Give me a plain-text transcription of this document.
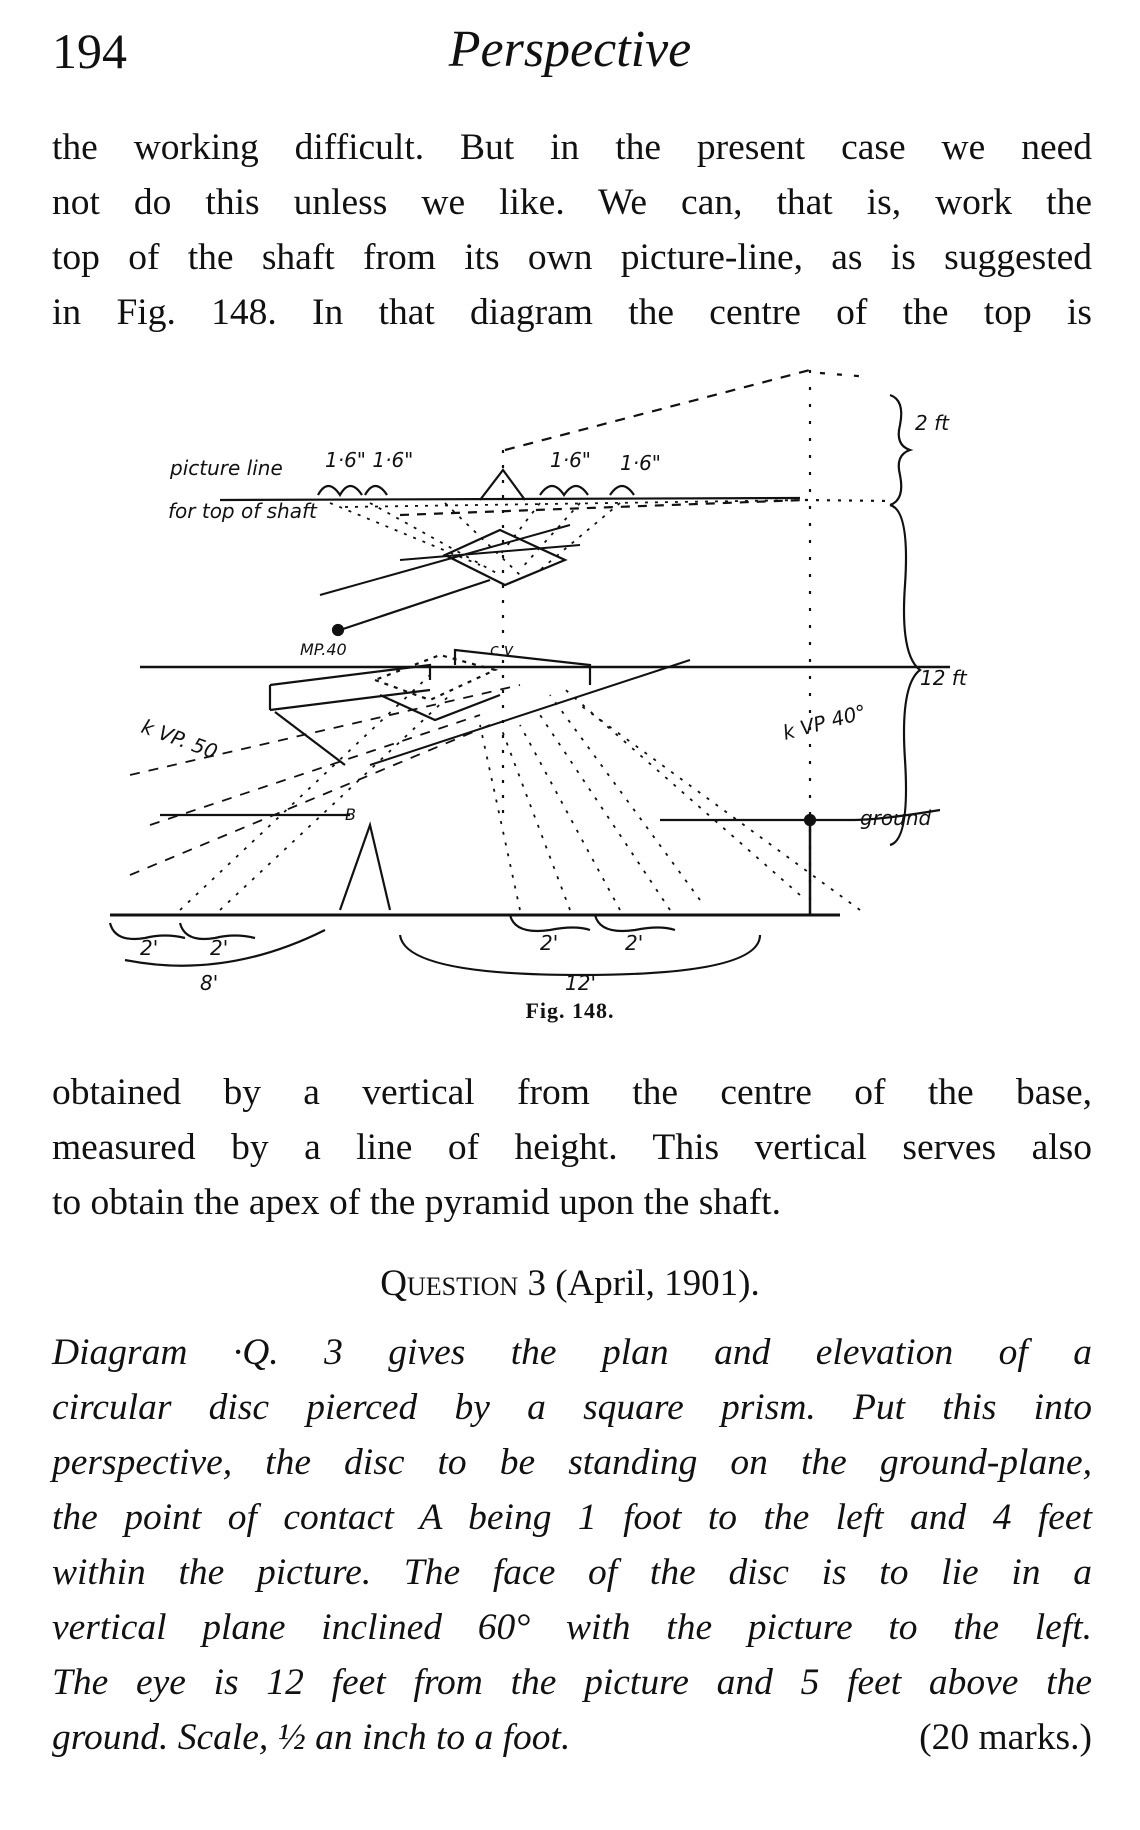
194	Perspective
the working difficult. But in the present case we need
not do this unless we like. We can, that is, work the
top of the shaft from its own picture-line, as is suggested
in Fig. 148. In that diagram the centre of the top is
picture line
for top of shaft
1·6" 1·6"	1·6" 1·6"
2 ft
12 ft
MP.40	c v
k VP. 50	k VP 40°
ground
B
2'	2'	2'	2'
8'	12'
Fig. 148.
obtained by a vertical from the centre of the base,
measured by a line of height. This vertical serves also
to obtain the apex of the pyramid upon the shaft.
Question 3 (April, 1901).
Diagram ·Q. 3 gives the plan and elevation of a
circular disc pierced by a square prism. Put this into
perspective, the disc to be standing on the ground-plane,
the point of contact A being 1 foot to the left and 4 feet
within the picture. The face of the disc is to lie in a
vertical plane inclined 60° with the picture to the left.
The eye is 12 feet from the picture and 5 feet above the
ground. Scale, ½ an inch to a foot.	(20 marks.)
